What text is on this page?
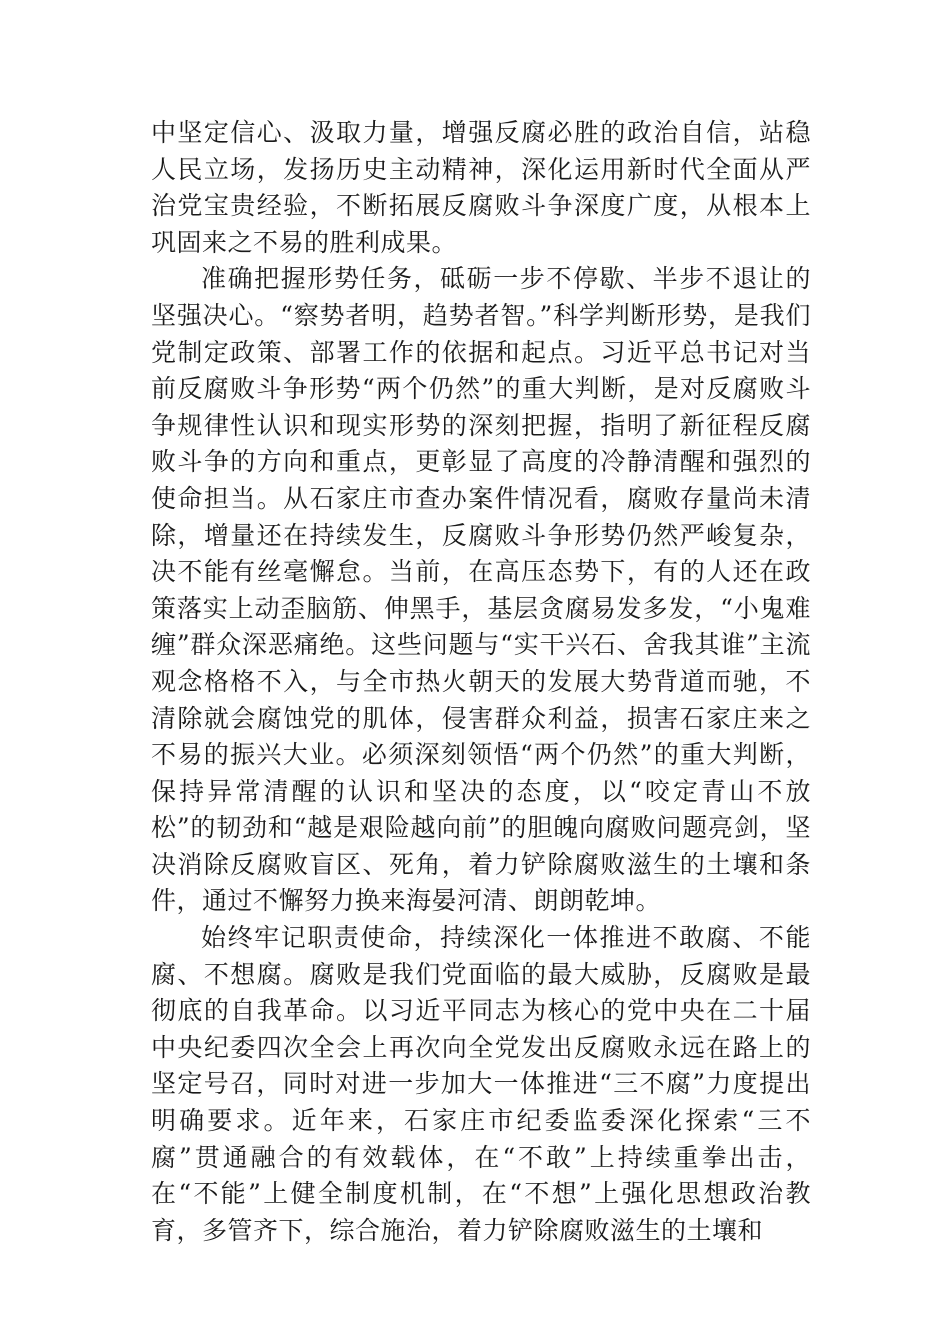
中坚定信心、汲取力量，增强反腐必胜的政治自信，站稳人民立场，发扬历史主动精神，深化运用新时代全面从严治党宝贵经验，不断拓展反腐败斗争深度广度，从根本上巩固来之不易的胜利成果。

准确把握形势任务，砥砺一步不停歇、半步不退让的坚强决心。“察势者明，趋势者智。”科学判断形势，是我们党制定政策、部署工作的依据和起点。习近平总书记对当前反腐败斗争形势“两个仍然”的重大判断，是对反腐败斗争规律性认识和现实形势的深刻把握，指明了新征程反腐败斗争的方向和重点，更彰显了高度的冷静清醒和强烈的使命担当。从石家庄市查办案件情况看，腐败存量尚未清除，增量还在持续发生，反腐败斗争形势仍然严峻复杂，决不能有丝毫懈怠。当前，在高压态势下，有的人还在政策落实上动歪脑筋、伸黑手，基层贪腐易发多发，“小鬼难缠”群众深恶痛绝。这些问题与“实干兴石、舍我其谁”主流观念格格不入，与全市热火朝天的发展大势背道而驰，不清除就会腐蚀党的肌体，侵害群众利益，损害石家庄来之不易的振兴大业。必须深刻领悟“两个仍然”的重大判断，保持异常清醒的认识和坚决的态度，以“咬定青山不放松”的韧劲和“越是艰险越向前”的胆魄向腐败问题亮剑，坚决消除反腐败盲区、死角，着力铲除腐败滋生的土壤和条件，通过不懈努力换来海晏河清、朗朗乾坤。

始终牢记职责使命，持续深化一体推进不敢腐、不能腐、不想腐。腐败是我们党面临的最大威胁，反腐败是最彻底的自我革命。以习近平同志为核心的党中央在二十届中央纪委四次全会上再次向全党发出反腐败永远在路上的坚定号召，同时对进一步加大一体推进“三不腐”力度提出明确要求。近年来，石家庄市纪委监委深化探索“三不腐”贯通融合的有效载体，在“不敢”上持续重拳出击，在“不能”上健全制度机制，在“不想”上强化思想政治教育，多管齐下，综合施治，着力铲除腐败滋生的土壤和
